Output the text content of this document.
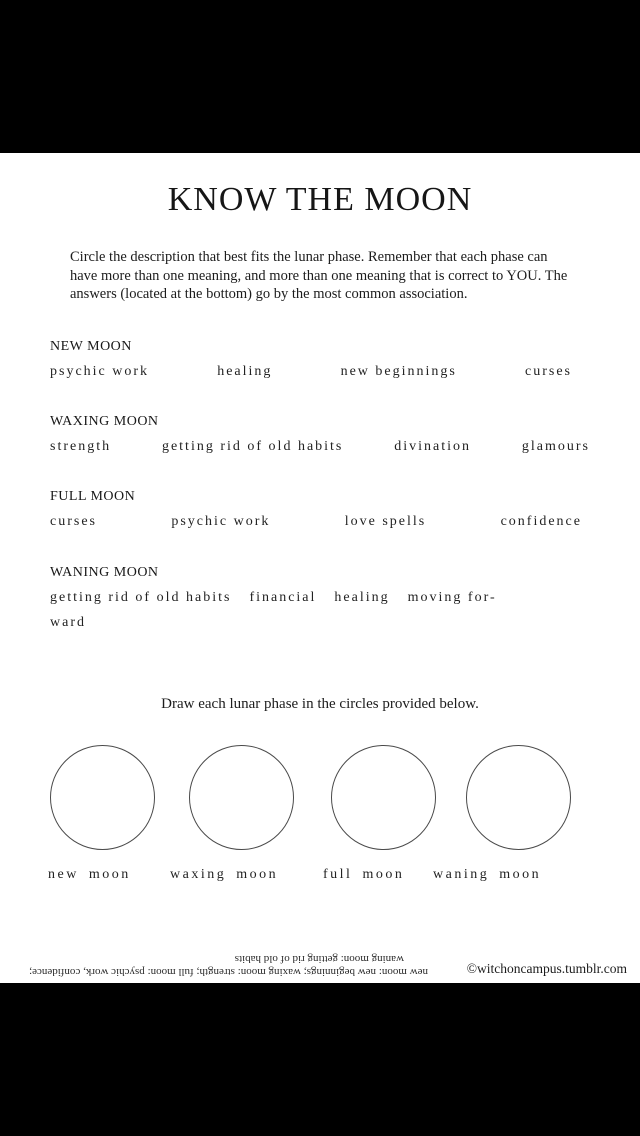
KNOW THE MOON
Circle the description that best fits the lunar phase. Remember that each phase can
have more than one meaning, and more than one meaning that is correct to YOU. The
answers (located at the bottom) go by the most common association.
NEW MOON
psychic work	healing	new beginnings	curses
WAXING MOON
strength	getting rid of old habits	divination	glamours
FULL MOON
curses	psychic work	love spells	confidence
WANING MOON
getting rid of old habits financial healing moving for-
ward
Draw each lunar phase in the circles provided below.
new moon	waxing moon	full moon waning moon
new moon: new beginnings; waxing moon: strength; full moon: psychic work, confidence;
waning moon: getting rid of old habits
©witchoncampus.tumblr.com
